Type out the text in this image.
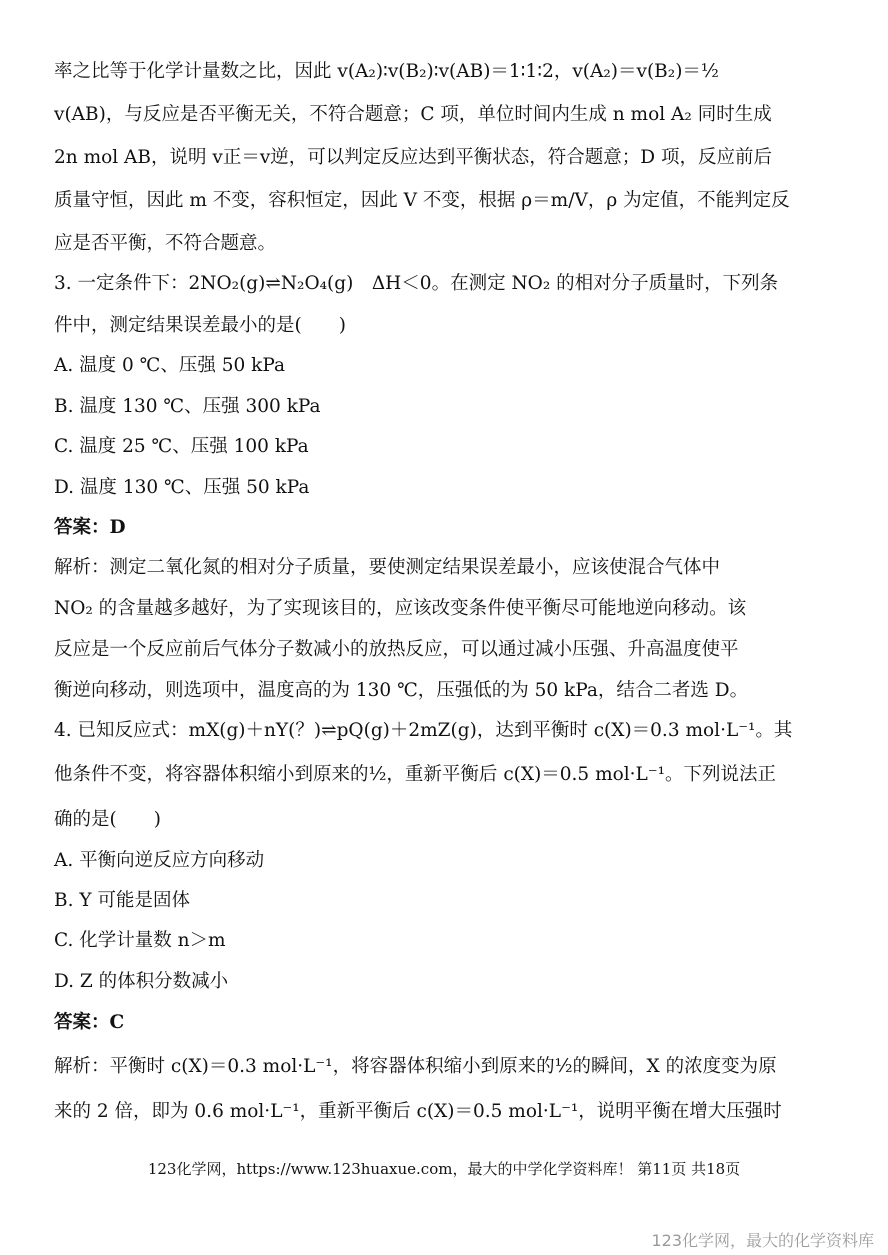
率之比等于化学计量数之比，因此 v(A₂)∶v(B₂)∶v(AB)＝1∶1∶2，v(A₂)＝v(B₂)＝½
v(AB)，与反应是否平衡无关，不符合题意；C 项，单位时间内生成 n mol A₂ 同时生成
2n mol AB，说明 v正＝v逆，可以判定反应达到平衡状态，符合题意；D 项，反应前后
质量守恒，因此 m 不变，容积恒定，因此 V 不变，根据 ρ＝m/V，ρ 为定值，不能判定反
应是否平衡，不符合题意。
3. 一定条件下：2NO₂(g)⇌N₂O₄(g)　ΔH＜0。在测定 NO₂ 的相对分子质量时，下列条
件中，测定结果误差最小的是(　　)
A. 温度 0 ℃、压强 50 kPa
B. 温度 130 ℃、压强 300 kPa
C. 温度 25 ℃、压强 100 kPa
D. 温度 130 ℃、压强 50 kPa
答案：D
解析：测定二氧化氮的相对分子质量，要使测定结果误差最小，应该使混合气体中
NO₂ 的含量越多越好，为了实现该目的，应该改变条件使平衡尽可能地逆向移动。该
反应是一个反应前后气体分子数减小的放热反应，可以通过减小压强、升高温度使平
衡逆向移动，则选项中，温度高的为 130 ℃，压强低的为 50 kPa，结合二者选 D。
4. 已知反应式：mX(g)＋nY(？)⇌pQ(g)＋2mZ(g)，达到平衡时 c(X)＝0.3 mol·L⁻¹。其
他条件不变，将容器体积缩小到原来的½，重新平衡后 c(X)＝0.5 mol·L⁻¹。下列说法正
确的是(　　)
A. 平衡向逆反应方向移动
B. Y 可能是固体
C. 化学计量数 n＞m
D. Z 的体积分数减小
答案：C
解析：平衡时 c(X)＝0.3 mol·L⁻¹，将容器体积缩小到原来的½的瞬间，X 的浓度变为原
来的 2 倍，即为 0.6 mol·L⁻¹，重新平衡后 c(X)＝0.5 mol·L⁻¹，说明平衡在增大压强时
123化学网，https://www.123huaxue.com，最大的中学化学资料库！ 第11页 共18页
123化学网，最大的化学资料库
